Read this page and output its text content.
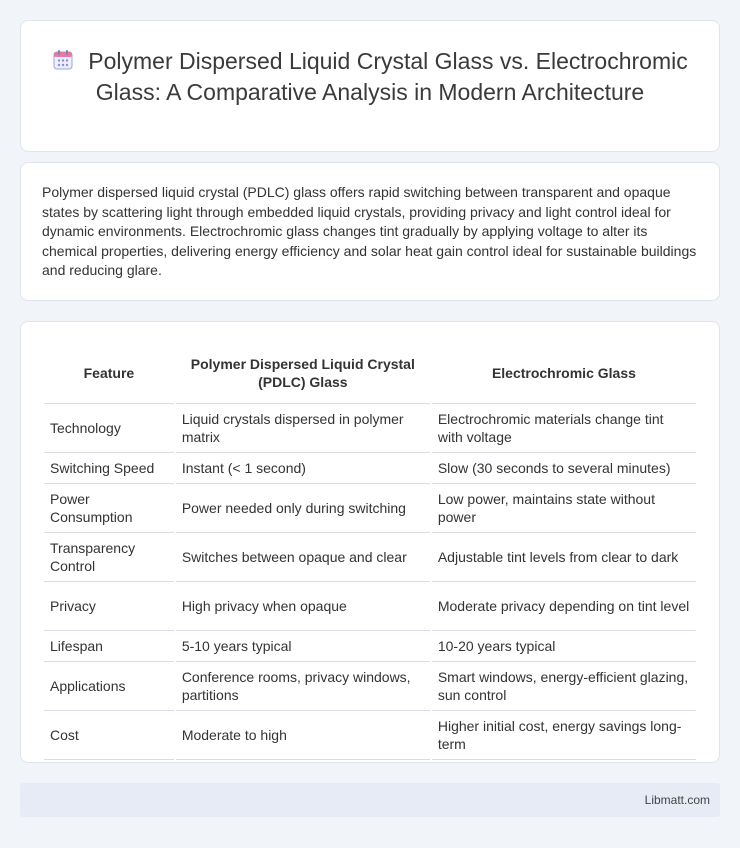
Polymer Dispersed Liquid Crystal Glass vs. Electrochromic Glass: A Comparative Analysis in Modern Architecture

Polymer dispersed liquid crystal (PDLC) glass offers rapid switching between transparent and opaque states by scattering light through embedded liquid crystals, providing privacy and light control ideal for dynamic environments. Electrochromic glass changes tint gradually by applying voltage to alter its chemical properties, delivering energy efficiency and solar heat gain control ideal for sustainable buildings and reducing glare.

Feature	Polymer Dispersed Liquid Crystal (PDLC) Glass	Electrochromic Glass
Technology	Liquid crystals dispersed in polymer matrix	Electrochromic materials change tint with voltage
Switching Speed	Instant (< 1 second)	Slow (30 seconds to several minutes)
Power Consumption	Power needed only during switching	Low power, maintains state without power
Transparency Control	Switches between opaque and clear	Adjustable tint levels from clear to dark
Privacy	High privacy when opaque	Moderate privacy depending on tint level
Lifespan	5-10 years typical	10-20 years typical
Applications	Conference rooms, privacy windows, partitions	Smart windows, energy-efficient glazing, sun control
Cost	Moderate to high	Higher initial cost, energy savings long-term
Libmatt.com
